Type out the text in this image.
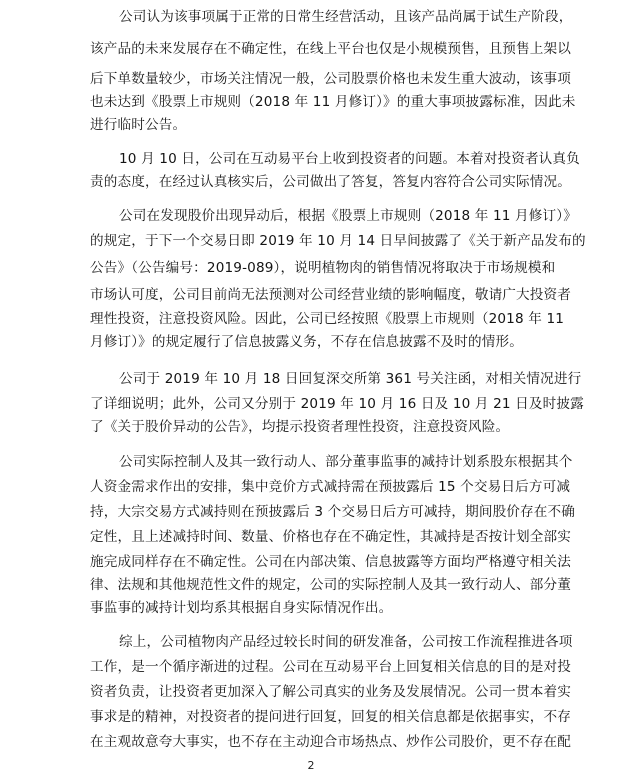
公司认为该事项属于正常的日常生经营活动，且该产品尚属于试生产阶段，
该产品的未来发展存在不确定性，在线上平台也仅是小规模预售，且预售上架以
后下单数量较少，市场关注情况一般，公司股票价格也未发生重大波动，该事项
也未达到《股票上市规则（2018 年 11 月修订）》的重大事项披露标准，因此未
进行临时公告。
10 月 10 日，公司在互动易平台上收到投资者的问题。本着对投资者认真负
责的态度，在经过认真核实后，公司做出了答复，答复内容符合公司实际情况。
公司在发现股价出现异动后，根据《股票上市规则（2018 年 11 月修订）》
的规定，于下一个交易日即 2019 年 10 月 14 日早间披露了《关于新产品发布的
公告》（公告编号：2019-089），说明植物肉的销售情况将取决于市场规模和
市场认可度，公司目前尚无法预测对公司经营业绩的影响幅度，敬请广大投资者
理性投资，注意投资风险。因此，公司已经按照《股票上市规则（2018 年 11
月修订）》的规定履行了信息披露义务，不存在信息披露不及时的情形。
公司于 2019 年 10 月 18 日回复深交所第 361 号关注函，对相关情况进行
了详细说明；此外，公司又分别于 2019 年 10 月 16 日及 10 月 21 日及时披露
了《关于股价异动的公告》，均提示投资者理性投资，注意投资风险。
公司实际控制人及其一致行动人、部分董事监事的减持计划系股东根据其个
人资金需求作出的安排，集中竞价方式减持需在预披露后 15 个交易日后方可减
持，大宗交易方式减持则在预披露后 3 个交易日后方可减持，期间股价存在不确
定性，且上述减持时间、数量、价格也存在不确定性，其减持是否按计划全部实
施完成同样存在不确定性。公司在内部决策、信息披露等方面均严格遵守相关法
律、法规和其他规范性文件的规定，公司的实际控制人及其一致行动人、部分董
事监事的减持计划均系其根据自身实际情况作出。
综上，公司植物肉产品经过较长时间的研发准备，公司按工作流程推进各项
工作，是一个循序渐进的过程。公司在互动易平台上回复相关信息的目的是对投
资者负责，让投资者更加深入了解公司真实的业务及发展情况。公司一贯本着实
事求是的精神，对投资者的提问进行回复，回复的相关信息都是依据事实，不存
在主观故意夸大事实，也不存在主动迎合市场热点、炒作公司股价，更不存在配
2
